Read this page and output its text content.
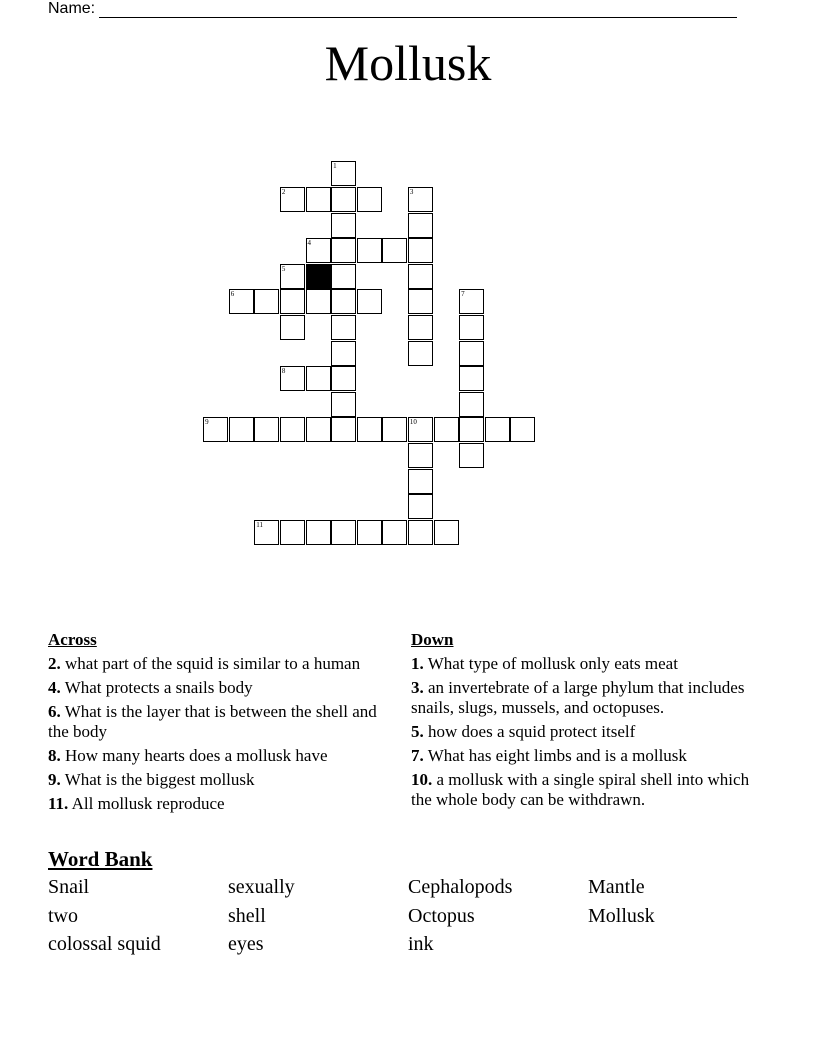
Name:
Mollusk
1
2	3
4
5
6	7
8
9	10
11
Across
2. what part of the squid is similar to a human
4. What protects a snails body
6. What is the layer that is between the shell and the body
8. How many hearts does a mollusk have
9. What is the biggest mollusk
11. All mollusk reproduce
Down
1. What type of mollusk only eats meat
3. an invertebrate of a large phylum that includes snails, slugs, mussels, and octopuses.
5. how does a squid protect itself
7. What has eight limbs and is a mollusk
10. a mollusk with a single spiral shell into which the whole body can be withdrawn.
Word Bank
Snail
two
colossal squid
sexually
shell
eyes
Cephalopods
Octopus
ink
Mantle
Mollusk
